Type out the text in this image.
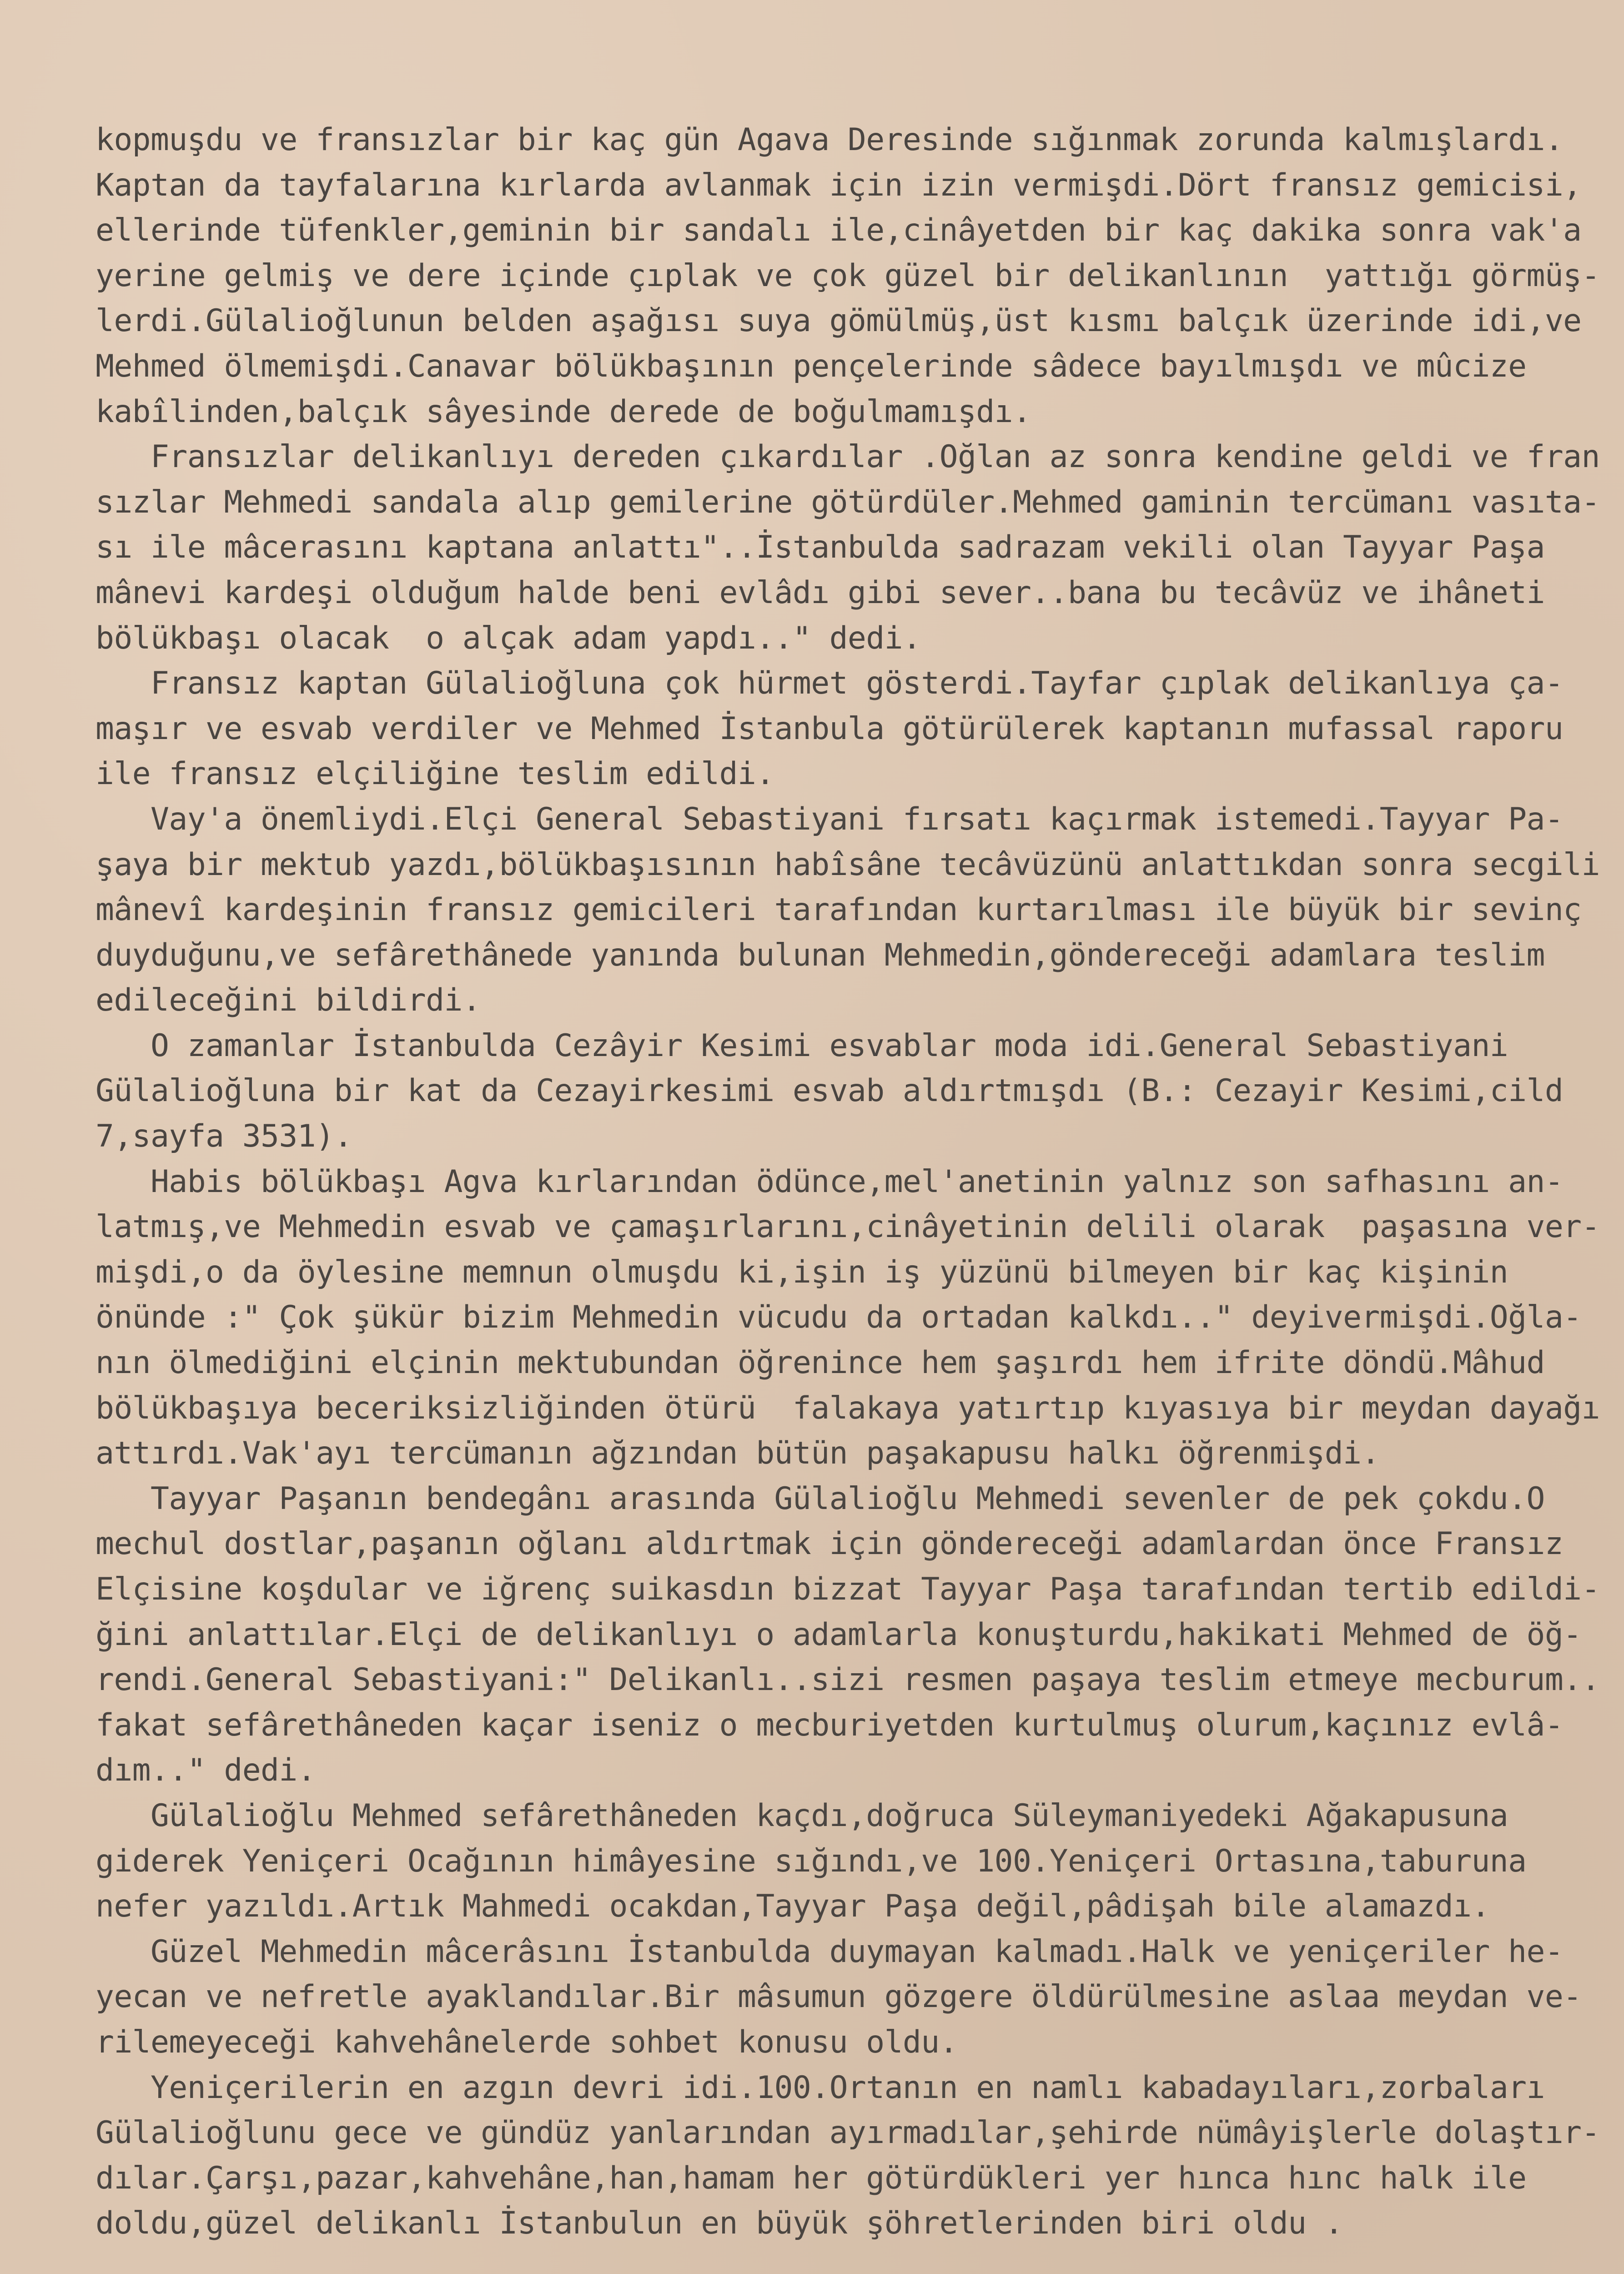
kopmuşdu ve fransızlar bir kaç gün Agava Deresinde sığınmak zorunda kalmışlardı.
Kaptan da tayfalarına kırlarda avlanmak için izin vermişdi.Dört fransız gemicisi,
ellerinde tüfenkler,geminin bir sandalı ile,cinâyetden bir kaç dakika sonra vak'a
yerine gelmiş ve dere içinde çıplak ve çok güzel bir delikanlının  yattığı görmüş-
lerdi.Gülalioğlunun belden aşağısı suya gömülmüş,üst kısmı balçık üzerinde idi,ve
Mehmed ölmemişdi.Canavar bölükbaşının pençelerinde sâdece bayılmışdı ve mûcize
kabîlinden,balçık sâyesinde derede de boğulmamışdı.
Fransızlar delikanlıyı dereden çıkardılar .Oğlan az sonra kendine geldi ve fran
sızlar Mehmedi sandala alıp gemilerine götürdüler.Mehmed gaminin tercümanı vasıta-
sı ile mâcerasını kaptana anlattı"..İstanbulda sadrazam vekili olan Tayyar Paşa
mânevi kardeşi olduğum halde beni evlâdı gibi sever..bana bu tecâvüz ve ihâneti
bölükbaşı olacak  o alçak adam yapdı.." dedi.
Fransız kaptan Gülalioğluna çok hürmet gösterdi.Tayfar çıplak delikanlıya ça-
maşır ve esvab verdiler ve Mehmed İstanbula götürülerek kaptanın mufassal raporu
ile fransız elçiliğine teslim edildi.
Vay'a önemliydi.Elçi General Sebastiyani fırsatı kaçırmak istemedi.Tayyar Pa-
şaya bir mektub yazdı,bölükbaşısının habîsâne tecâvüzünü anlattıkdan sonra secgili
mânevî kardeşinin fransız gemicileri tarafından kurtarılması ile büyük bir sevinç
duyduğunu,ve sefârethânede yanında bulunan Mehmedin,göndereceği adamlara teslim
edileceğini bildirdi.
O zamanlar İstanbulda Cezâyir Kesimi esvablar moda idi.General Sebastiyani
Gülalioğluna bir kat da Cezayirkesimi esvab aldırtmışdı (B.: Cezayir Kesimi,cild
7,sayfa 3531).
Habis bölükbaşı Agva kırlarından ödünce,mel'anetinin yalnız son safhasını an-
latmış,ve Mehmedin esvab ve çamaşırlarını,cinâyetinin delili olarak  paşasına ver-
mişdi,o da öylesine memnun olmuşdu ki,işin iş yüzünü bilmeyen bir kaç kişinin
önünde :" Çok şükür bizim Mehmedin vücudu da ortadan kalkdı.." deyivermişdi.Oğla-
nın ölmediğini elçinin mektubundan öğrenince hem şaşırdı hem ifrite döndü.Mâhud
bölükbaşıya beceriksizliğinden ötürü  falakaya yatırtıp kıyasıya bir meydan dayağı
attırdı.Vak'ayı tercümanın ağzından bütün paşakapusu halkı öğrenmişdi.
Tayyar Paşanın bendegânı arasında Gülalioğlu Mehmedi sevenler de pek çokdu.O
mechul dostlar,paşanın oğlanı aldırtmak için göndereceği adamlardan önce Fransız
Elçisine koşdular ve iğrenç suikasdın bizzat Tayyar Paşa tarafından tertib edildi-
ğini anlattılar.Elçi de delikanlıyı o adamlarla konuşturdu,hakikati Mehmed de öğ-
rendi.General Sebastiyani:" Delikanlı..sizi resmen paşaya teslim etmeye mecburum..
fakat sefârethâneden kaçar iseniz o mecburiyetden kurtulmuş olurum,kaçınız evlâ-
dım.." dedi.
Gülalioğlu Mehmed sefârethâneden kaçdı,doğruca Süleymaniyedeki Ağakapusuna
giderek Yeniçeri Ocağının himâyesine sığındı,ve 100.Yeniçeri Ortasına,taburuna
nefer yazıldı.Artık Mahmedi ocakdan,Tayyar Paşa değil,pâdişah bile alamazdı.
Güzel Mehmedin mâcerâsını İstanbulda duymayan kalmadı.Halk ve yeniçeriler he-
yecan ve nefretle ayaklandılar.Bir mâsumun gözgere öldürülmesine aslaa meydan ve-
rilemeyeceği kahvehânelerde sohbet konusu oldu.
Yeniçerilerin en azgın devri idi.100.Ortanın en namlı kabadayıları,zorbaları
Gülalioğlunu gece ve gündüz yanlarından ayırmadılar,şehirde nümâyişlerle dolaştır-
dılar.Çarşı,pazar,kahvehâne,han,hamam her götürdükleri yer hınca hınc halk ile
doldu,güzel delikanlı İstanbulun en büyük şöhretlerinden biri oldu .
